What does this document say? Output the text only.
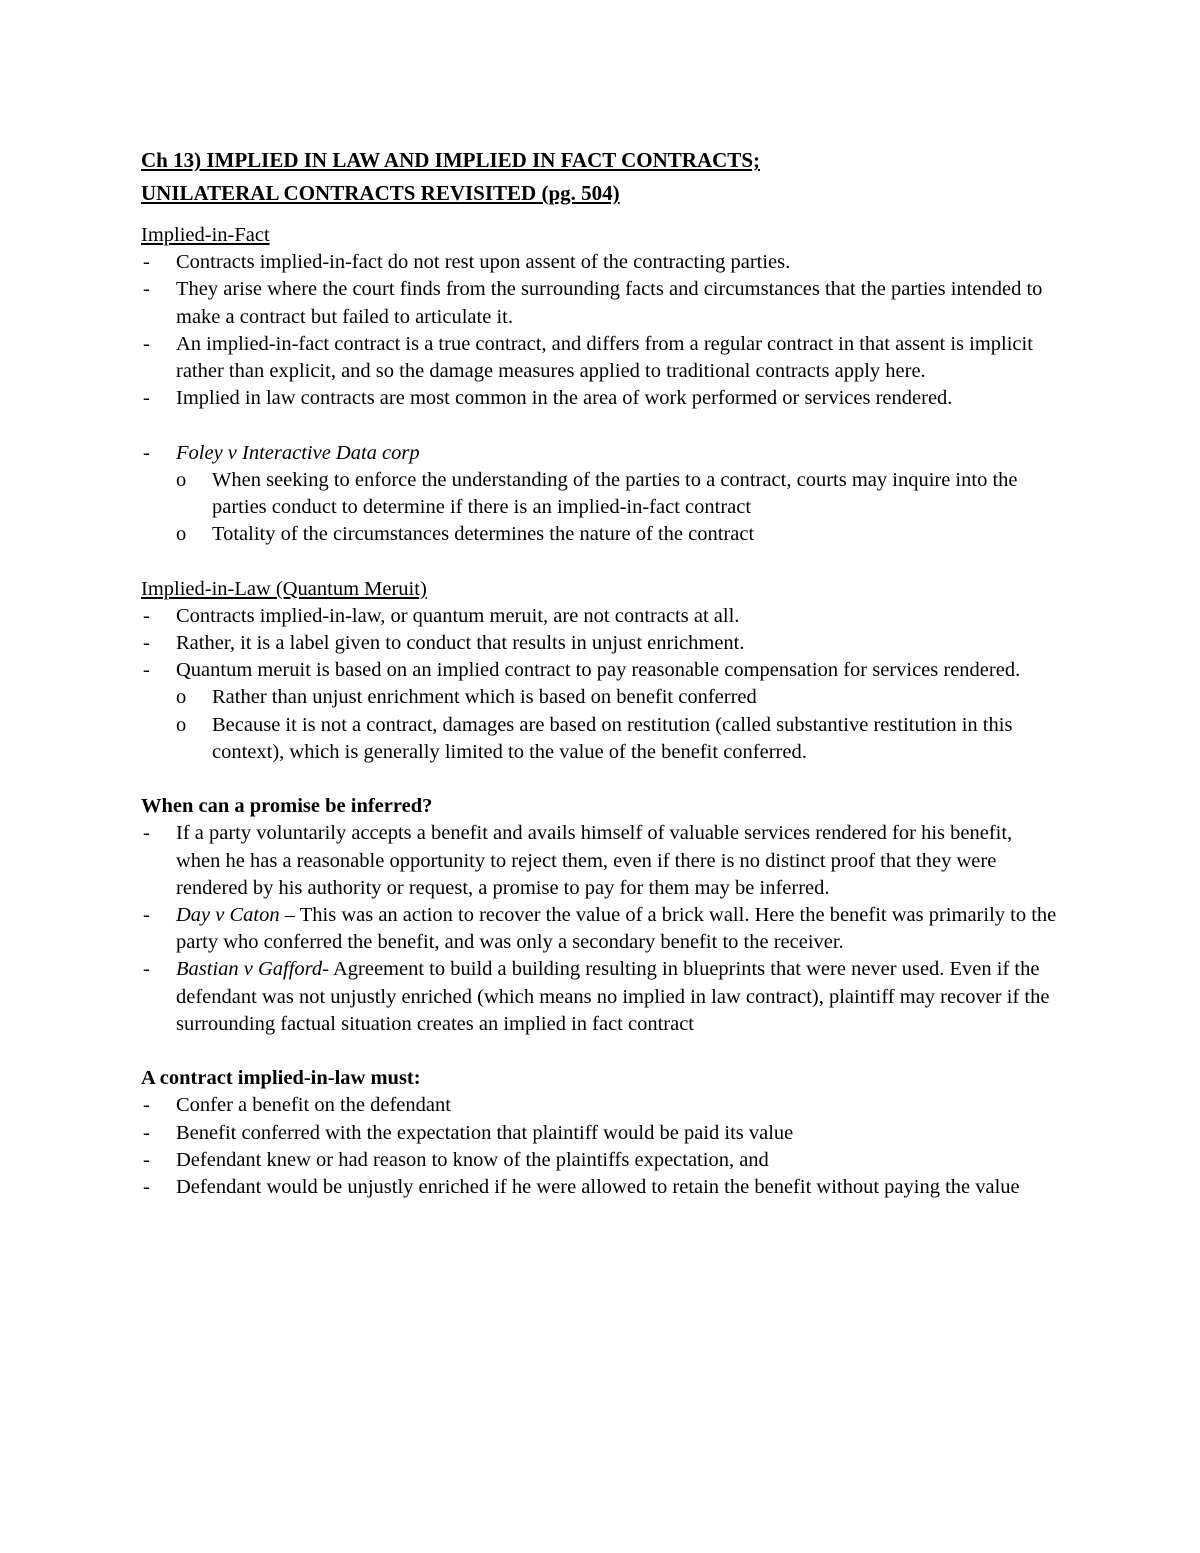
Ch 13) IMPLIED IN LAW AND IMPLIED IN FACT CONTRACTS;
UNILATERAL CONTRACTS REVISITED (pg. 504)
Implied-in-Fact
- Contracts implied-in-fact do not rest upon assent of the contracting parties.
- They arise where the court finds from the surrounding facts and circumstances that the parties intended to make a contract but failed to articulate it.
- An implied-in-fact contract is a true contract, and differs from a regular contract in that assent is implicit rather than explicit, and so the damage measures applied to traditional contracts apply here.
- Implied in law contracts are most common in the area of work performed or services rendered.
- Foley v Interactive Data corp
o When seeking to enforce the understanding of the parties to a contract, courts may inquire into the parties conduct to determine if there is an implied-in-fact contract
o Totality of the circumstances determines the nature of the contract
Implied-in-Law (Quantum Meruit)
- Contracts implied-in-law, or quantum meruit, are not contracts at all.
- Rather, it is a label given to conduct that results in unjust enrichment.
- Quantum meruit is based on an implied contract to pay reasonable compensation for services rendered.
o Rather than unjust enrichment which is based on benefit conferred
o Because it is not a contract, damages are based on restitution (called substantive restitution in this context), which is generally limited to the value of the benefit conferred.
When can a promise be inferred?
- If a party voluntarily accepts a benefit and avails himself of valuable services rendered for his benefit, when he has a reasonable opportunity to reject them, even if there is no distinct proof that they were rendered by his authority or request, a promise to pay for them may be inferred.
- Day v Caton – This was an action to recover the value of a brick wall. Here the benefit was primarily to the party who conferred the benefit, and was only a secondary benefit to the receiver.
- Bastian v Gafford- Agreement to build a building resulting in blueprints that were never used. Even if the defendant was not unjustly enriched (which means no implied in law contract), plaintiff may recover if the surrounding factual situation creates an implied in fact contract
A contract implied-in-law must:
- Confer a benefit on the defendant
- Benefit conferred with the expectation that plaintiff would be paid its value
- Defendant knew or had reason to know of the plaintiffs expectation, and
- Defendant would be unjustly enriched if he were allowed to retain the benefit without paying the value
